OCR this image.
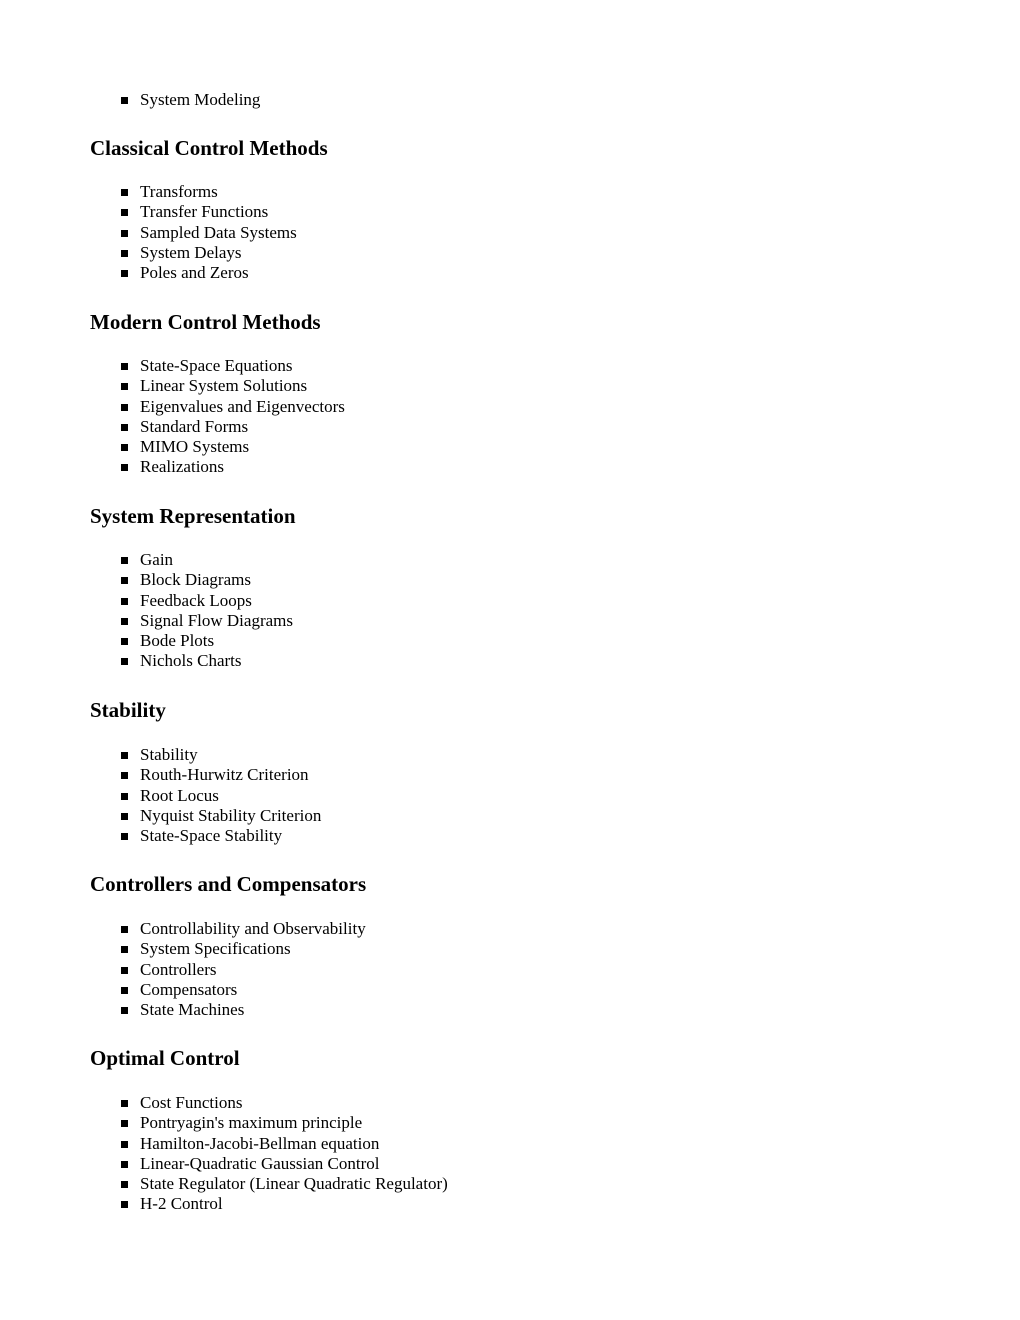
System Modeling
Classical Control Methods
Transforms
Transfer Functions
Sampled Data Systems
System Delays
Poles and Zeros
Modern Control Methods
State-Space Equations
Linear System Solutions
Eigenvalues and Eigenvectors
Standard Forms
MIMO Systems
Realizations
System Representation
Gain
Block Diagrams
Feedback Loops
Signal Flow Diagrams
Bode Plots
Nichols Charts
Stability
Stability
Routh-Hurwitz Criterion
Root Locus
Nyquist Stability Criterion
State-Space Stability
Controllers and Compensators
Controllability and Observability
System Specifications
Controllers
Compensators
State Machines
Optimal Control
Cost Functions
Pontryagin's maximum principle
Hamilton-Jacobi-Bellman equation
Linear-Quadratic Gaussian Control
State Regulator (Linear Quadratic Regulator)
H-2 Control
